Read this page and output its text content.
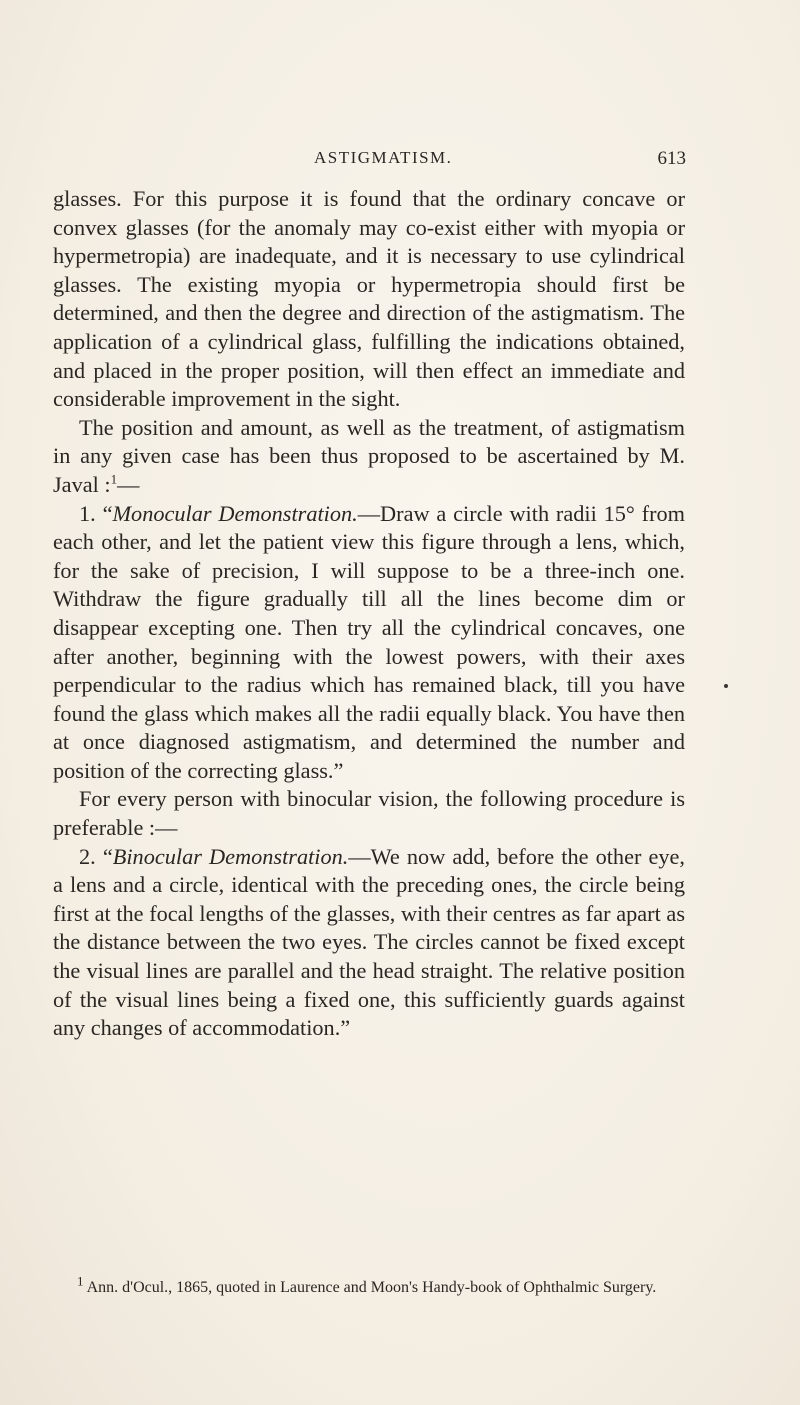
ASTIGMATISM.	613

glasses. For this purpose it is found that the ordinary concave or convex glasses (for the anomaly may co-exist either with myopia or hypermetropia) are inadequate, and it is necessary to use cylindrical glasses. The existing myopia or hypermetropia should first be determined, and then the degree and direction of the astigmatism. The application of a cylindrical glass, fulfilling the indications obtained, and placed in the proper position, will then effect an immediate and considerable improvement in the sight.

The position and amount, as well as the treatment, of astigmatism in any given case has been thus proposed to be ascertained by M. Javal :$^1$—

1. “Monocular Demonstration.—Draw a circle with radii 15° from each other, and let the patient view this figure through a lens, which, for the sake of precision, I will suppose to be a three-inch one. Withdraw the figure gradually till all the lines become dim or disappear excepting one. Then try all the cylindrical concaves, one after another, beginning with the lowest powers, with their axes perpendicular to the radius which has remained black, till you have found the glass which makes all the radii equally black. You have then at once diagnosed astigmatism, and determined the number and position of the correcting glass.”

For every person with binocular vision, the following procedure is preferable :—

2. “Binocular Demonstration.—We now add, before the other eye, a lens and a circle, identical with the preceding ones, the circle being first at the focal lengths of the glasses, with their centres as far apart as the distance between the two eyes. The circles cannot be fixed except the visual lines are parallel and the head straight. The relative position of the visual lines being a fixed one, this sufficiently guards against any changes of accommodation.”

$^1$ Ann. d'Ocul., 1865, quoted in Laurence and Moon's Handy-book of Ophthalmic Surgery.
